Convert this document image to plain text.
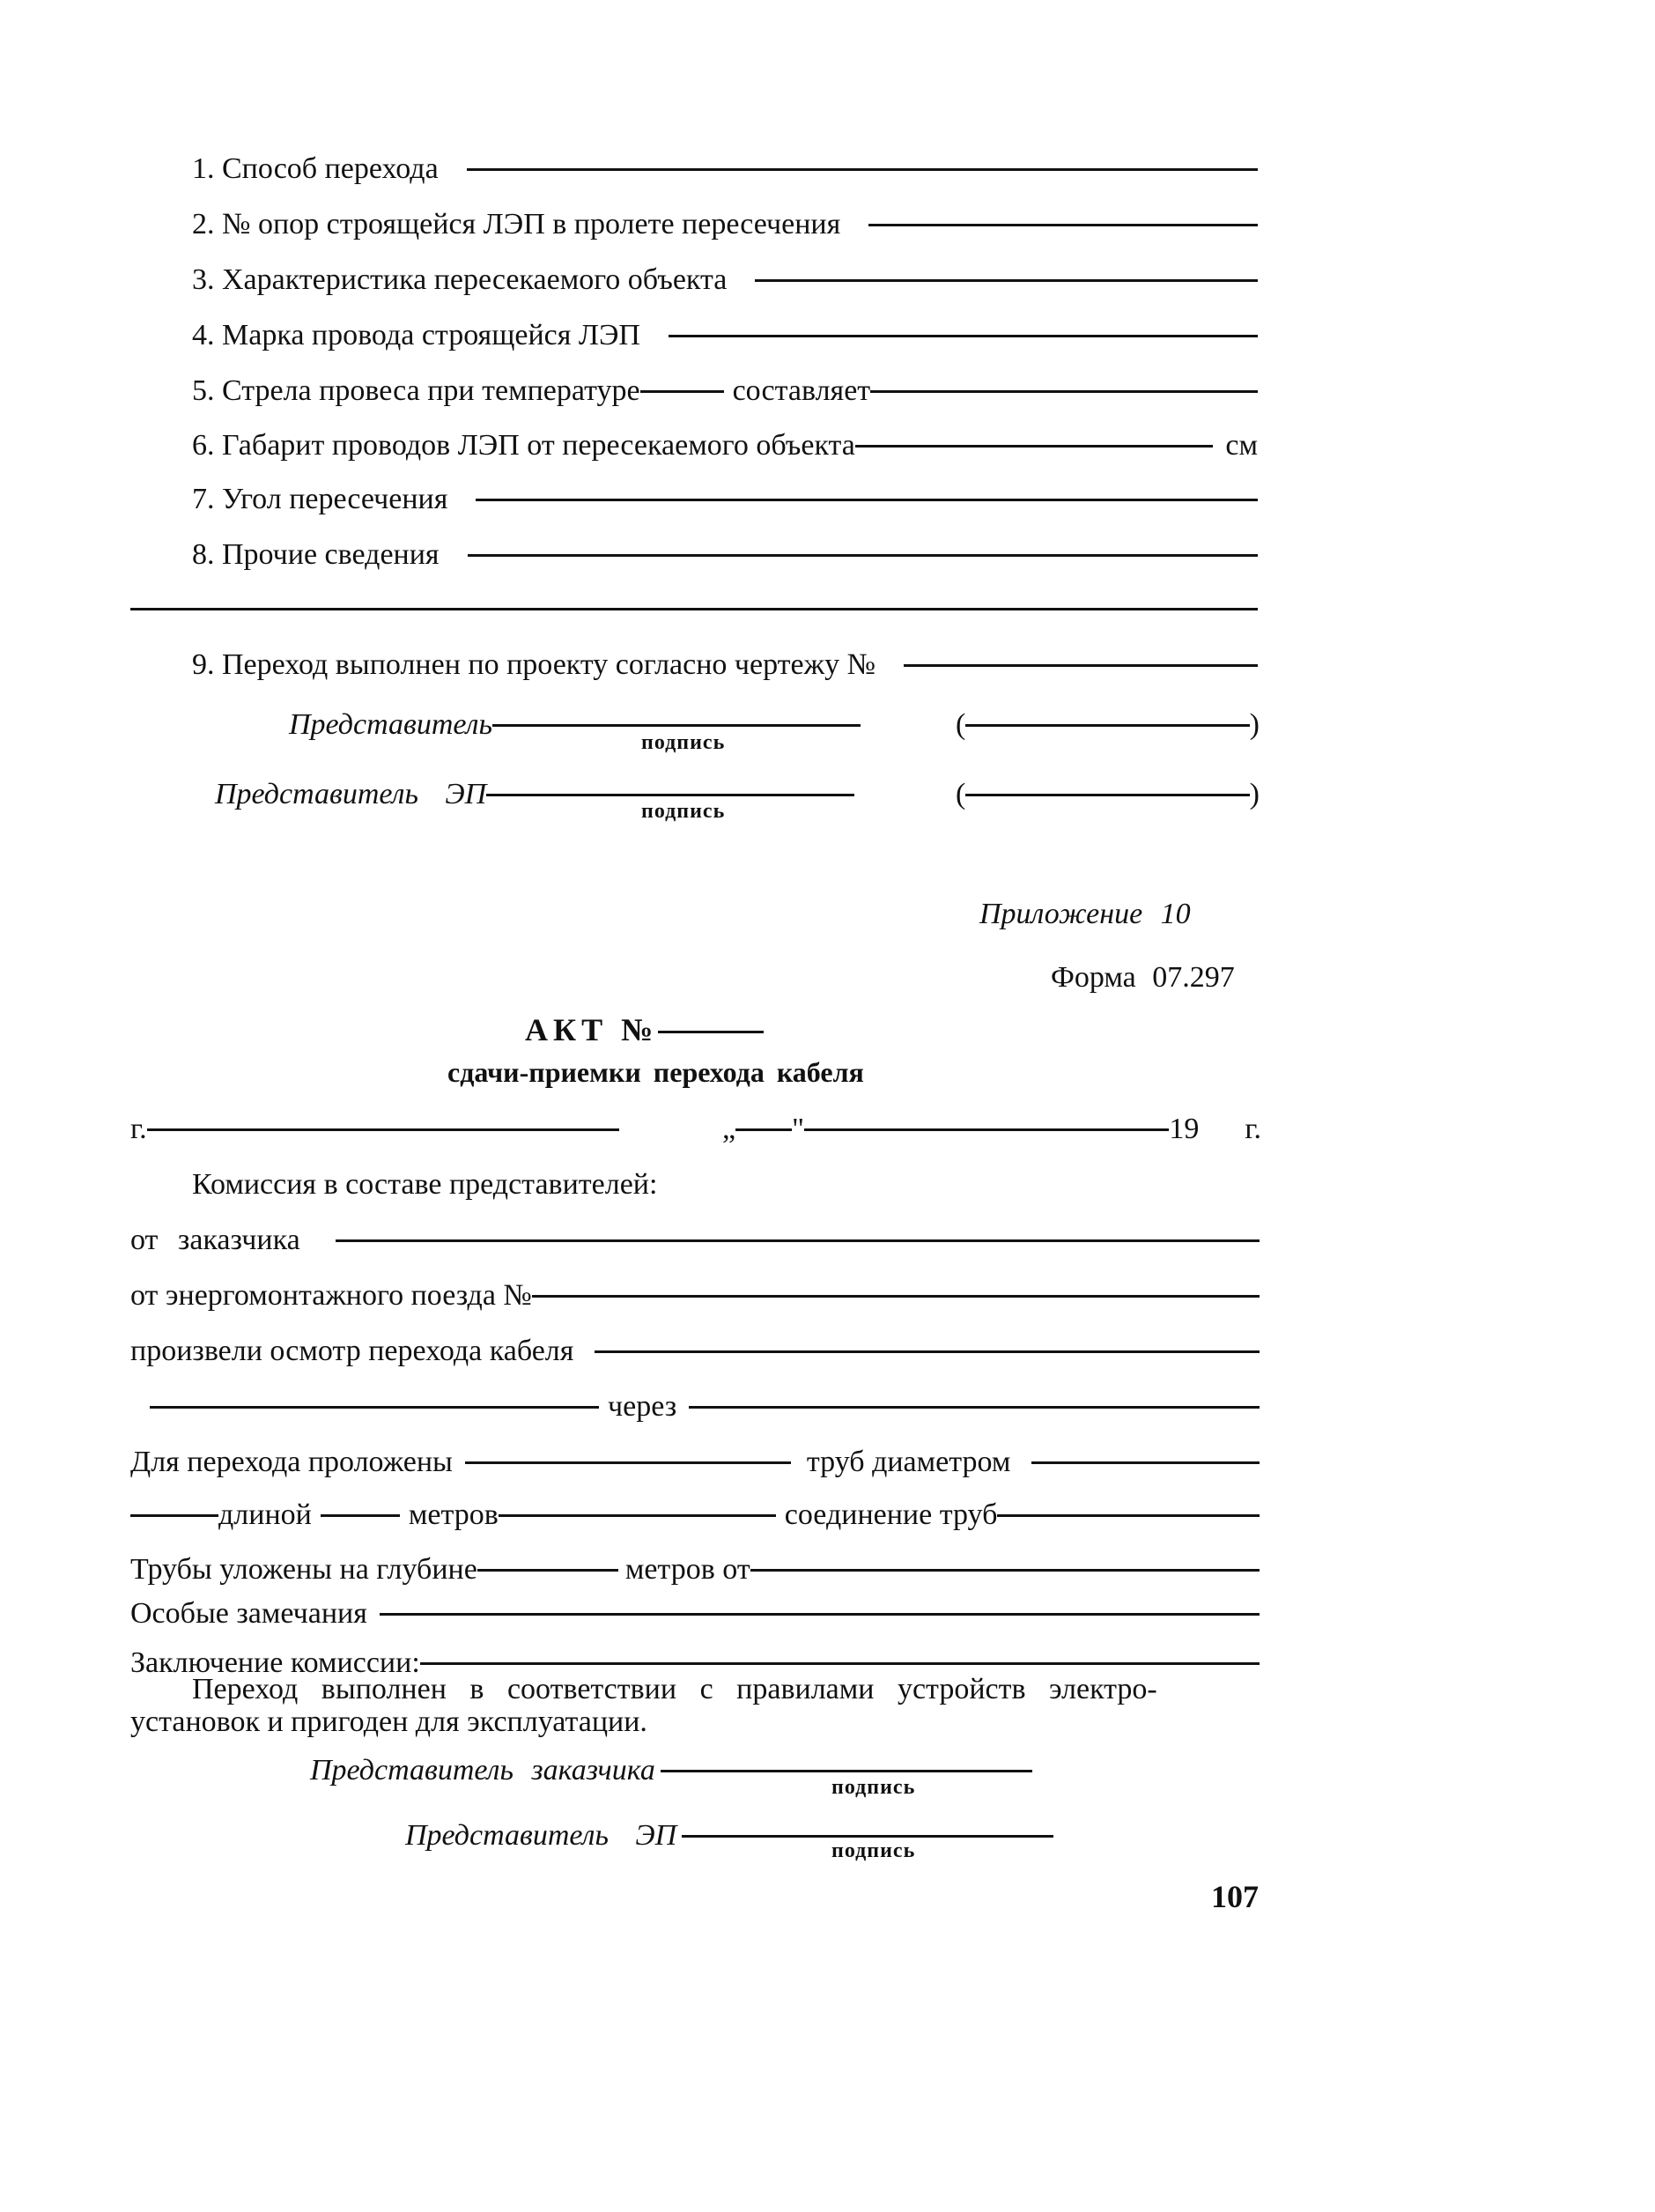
1. Способ перехода
2. № опор строящейся ЛЭП в пролете пересечения
3. Характеристика пересекаемого объекта
4. Марка провода строящейся ЛЭП
5. Стрела провеса при температуре	составляет
6. Габарит проводов ЛЭП от пересекаемого объекта	см
7. Угол пересечения
8. Прочие сведения
9. Переход выполнен по проекту согласно чертежу №
Представитель
подпись
(	)
Представитель ЭП
подпись
(	)
Приложение 10
Форма 07.297
АКТ №
сдачи-приемки перехода кабеля
г.	„ "	19 г.
Комиссия в составе представителей:
от заказчика
от энергомонтажного поезда №
произвели осмотр перехода кабеля
через
Для перехода проложены	труб диаметром
длиной	метров	соединение труб
Трубы уложены на глубине	метров от
Особые замечания
Заключение комиссии:
Переход выполнен в соответствии с правилами устройств электро-
установок и пригоден для эксплуатации.
Представитель заказчика
подпись
Представитель ЭП	подпись
107
